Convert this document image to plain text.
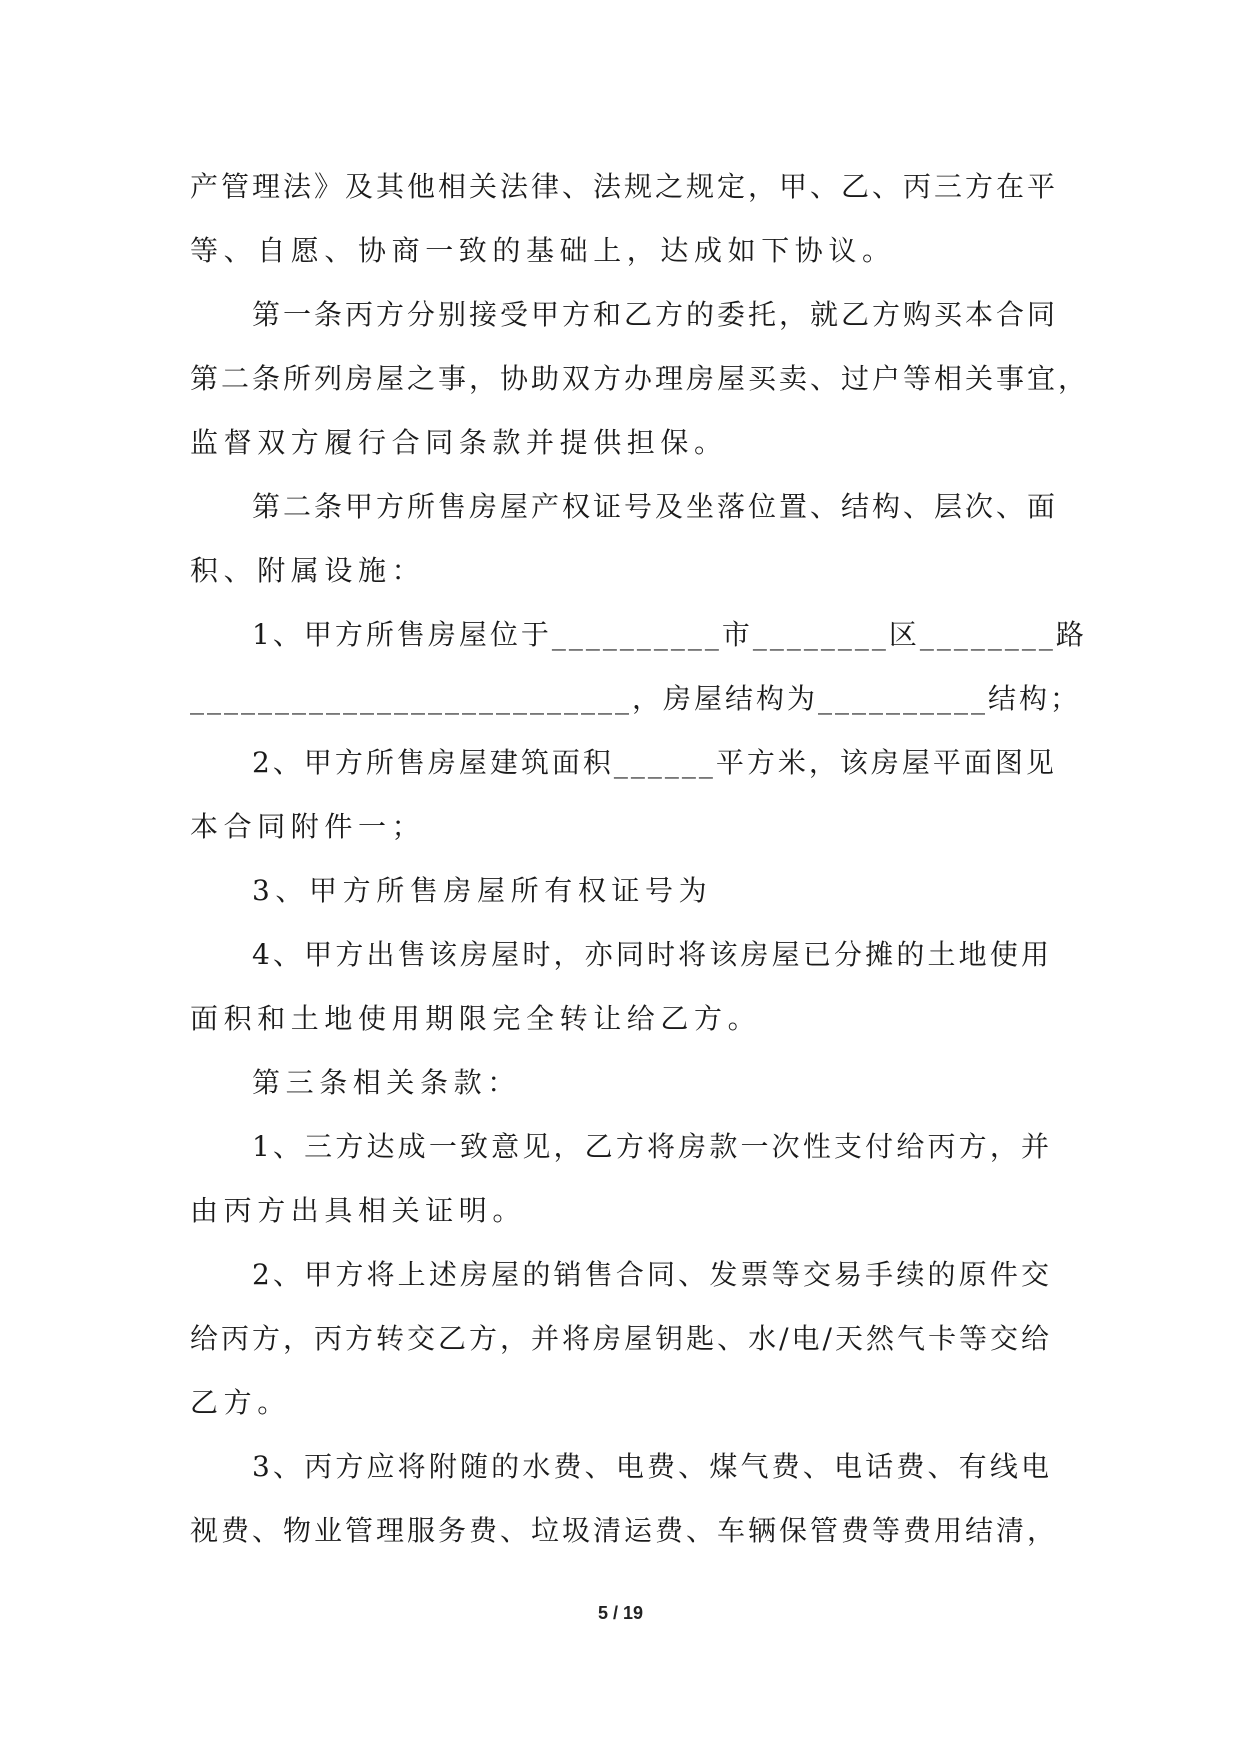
产管理法》及其他相关法律、法规之规定，甲、乙、丙三方在平

等、自愿、协商一致的基础上，达成如下协议。

第一条丙方分别接受甲方和乙方的委托，就乙方购买本合同

第二条所列房屋之事，协助双方办理房屋买卖、过户等相关事宜，

监督双方履行合同条款并提供担保。

第二条甲方所售房屋产权证号及坐落位置、结构、层次、面

积、附属设施：

1、甲方所售房屋位于__________市________区________路

__________________________，房屋结构为__________结构；

2、甲方所售房屋建筑面积______平方米，该房屋平面图见

本合同附件一；

3、甲方所售房屋所有权证号为

4、甲方出售该房屋时，亦同时将该房屋已分摊的土地使用

面积和土地使用期限完全转让给乙方。

第三条相关条款：

1、三方达成一致意见，乙方将房款一次性支付给丙方，并

由丙方出具相关证明。

2、甲方将上述房屋的销售合同、发票等交易手续的原件交

给丙方，丙方转交乙方，并将房屋钥匙、水/电/天然气卡等交给

乙方。

3、丙方应将附随的水费、电费、煤气费、电话费、有线电

视费、物业管理服务费、垃圾清运费、车辆保管费等费用结清，

5 / 19
